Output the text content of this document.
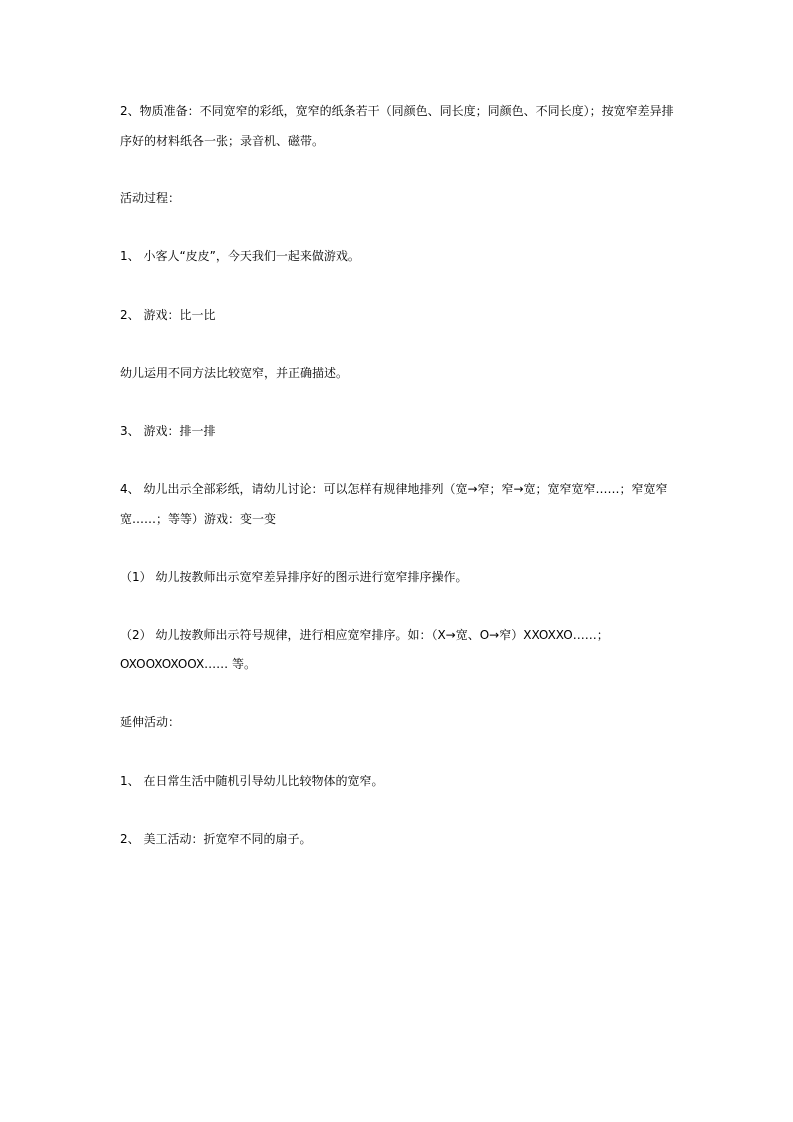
2、物质准备：不同宽窄的彩纸，宽窄的纸条若干（同颜色、同长度；同颜色、不同长度）；按宽窄差异排
序好的材料纸各一张；录音机、磁带。
活动过程：
1、 小客人“皮皮”，今天我们一起来做游戏。
2、 游戏：比一比
幼儿运用不同方法比较宽窄，并正确描述。
3、 游戏：排一排
4、 幼儿出示全部彩纸，请幼儿讨论：可以怎样有规律地排列（宽→窄；窄→宽；宽窄宽窄……；窄宽窄
宽……；等等）游戏：变一变
（1） 幼儿按教师出示宽窄差异排序好的图示进行宽窄排序操作。
（2） 幼儿按教师出示符号规律，进行相应宽窄排序。如：（X→宽、O→窄）XXOXXO……；
OXOOXOXOOX…… 等。
延伸活动：
1、 在日常生活中随机引导幼儿比较物体的宽窄。
2、 美工活动：折宽窄不同的扇子。
